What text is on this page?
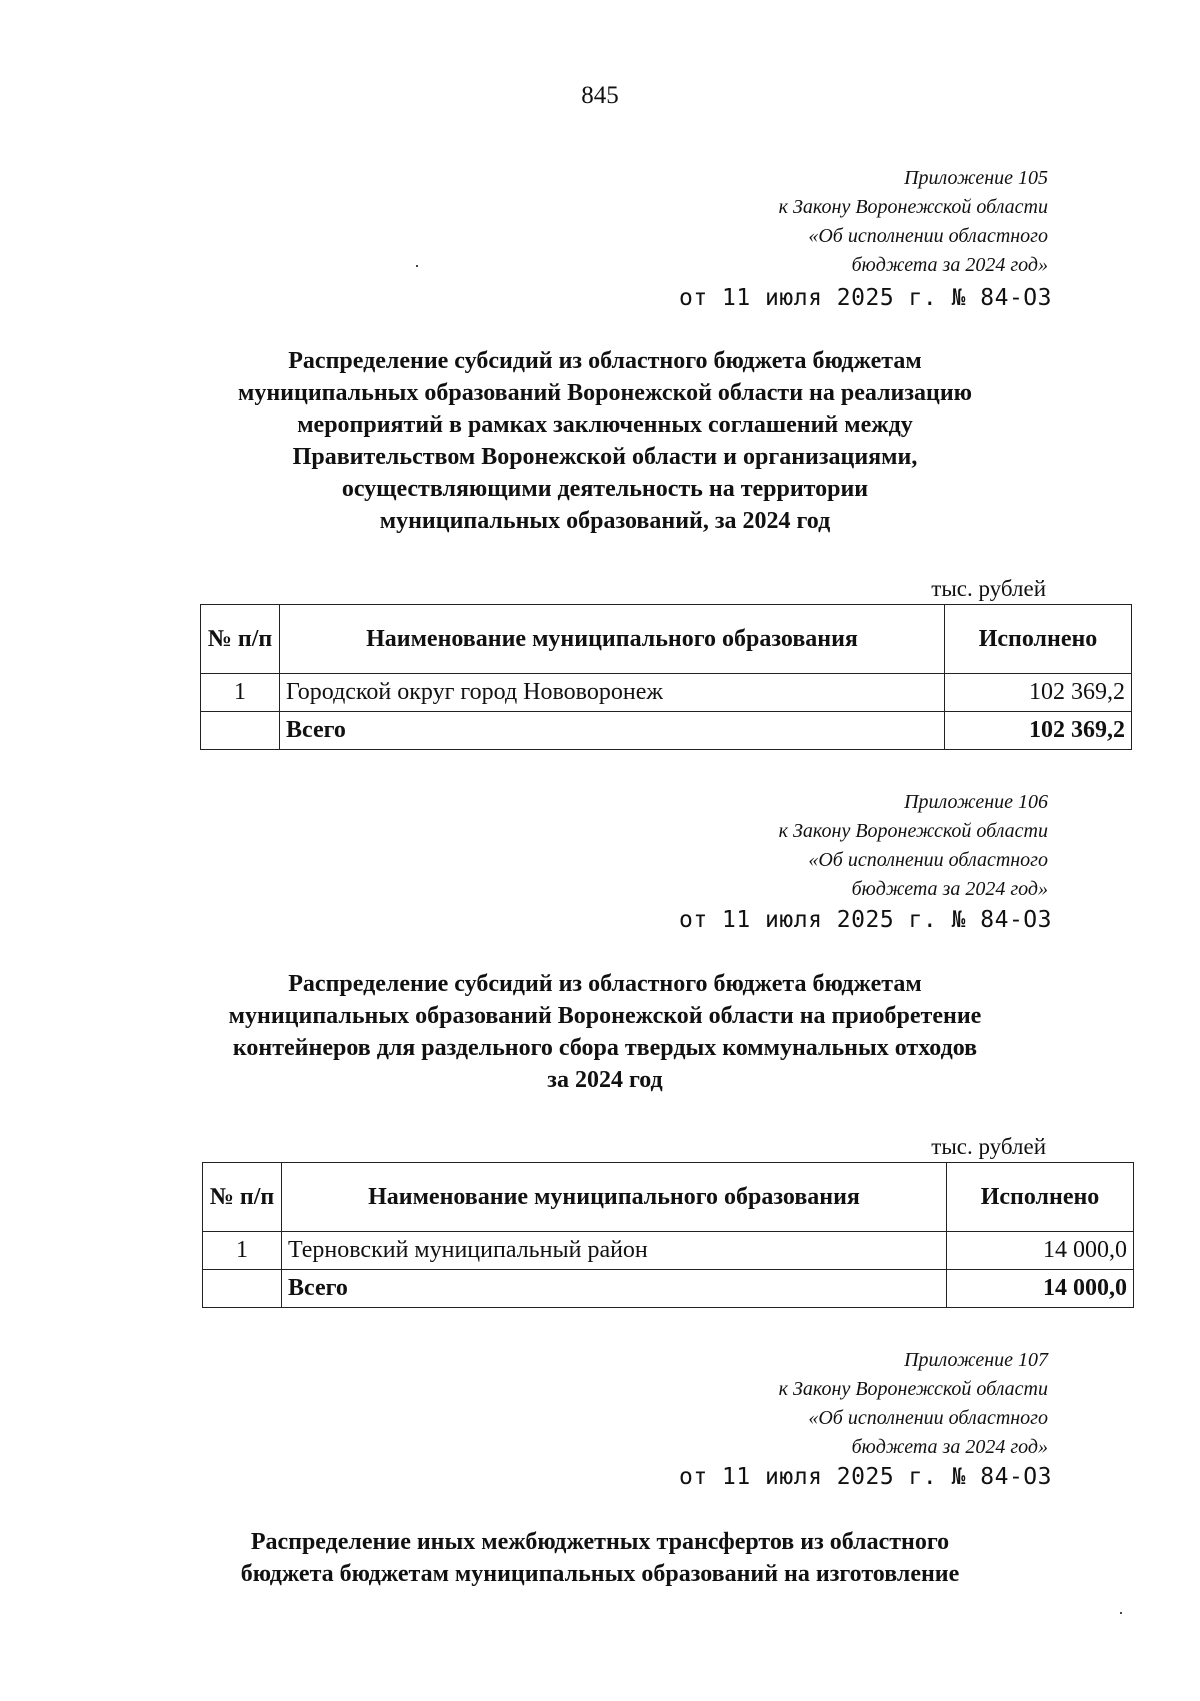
845
Приложение 105
к Закону Воронежской области
«Об исполнении областного
бюджета за 2024 год»
от 11 июля 2025 г. № 84-ОЗ
Распределение субсидий из областного бюджета бюджетам
муниципальных образований Воронежской области на реализацию
мероприятий в рамках заключенных соглашений между
Правительством Воронежской области и организациями,
осуществляющими деятельность на территории
муниципальных образований, за 2024 год
тыс. рублей
№ п/п	Наименование муниципального образования	Исполнено
1	Городской округ город Нововоронеж	102 369,2
	Всего	102 369,2
Приложение 106
к Закону Воронежской области
«Об исполнении областного
бюджета за 2024 год»
от 11 июля 2025 г. № 84-ОЗ
Распределение субсидий из областного бюджета бюджетам
муниципальных образований Воронежской области на приобретение
контейнеров для раздельного сбора твердых коммунальных отходов
за 2024 год
тыс. рублей
№ п/п	Наименование муниципального образования	Исполнено
1	Терновский муниципальный район	14 000,0
	Всего	14 000,0
Приложение 107
к Закону Воронежской области
«Об исполнении областного
бюджета за 2024 год»
от 11 июля 2025 г. № 84-ОЗ
Распределение иных межбюджетных трансфертов из областного
бюджета бюджетам муниципальных образований на изготовление
